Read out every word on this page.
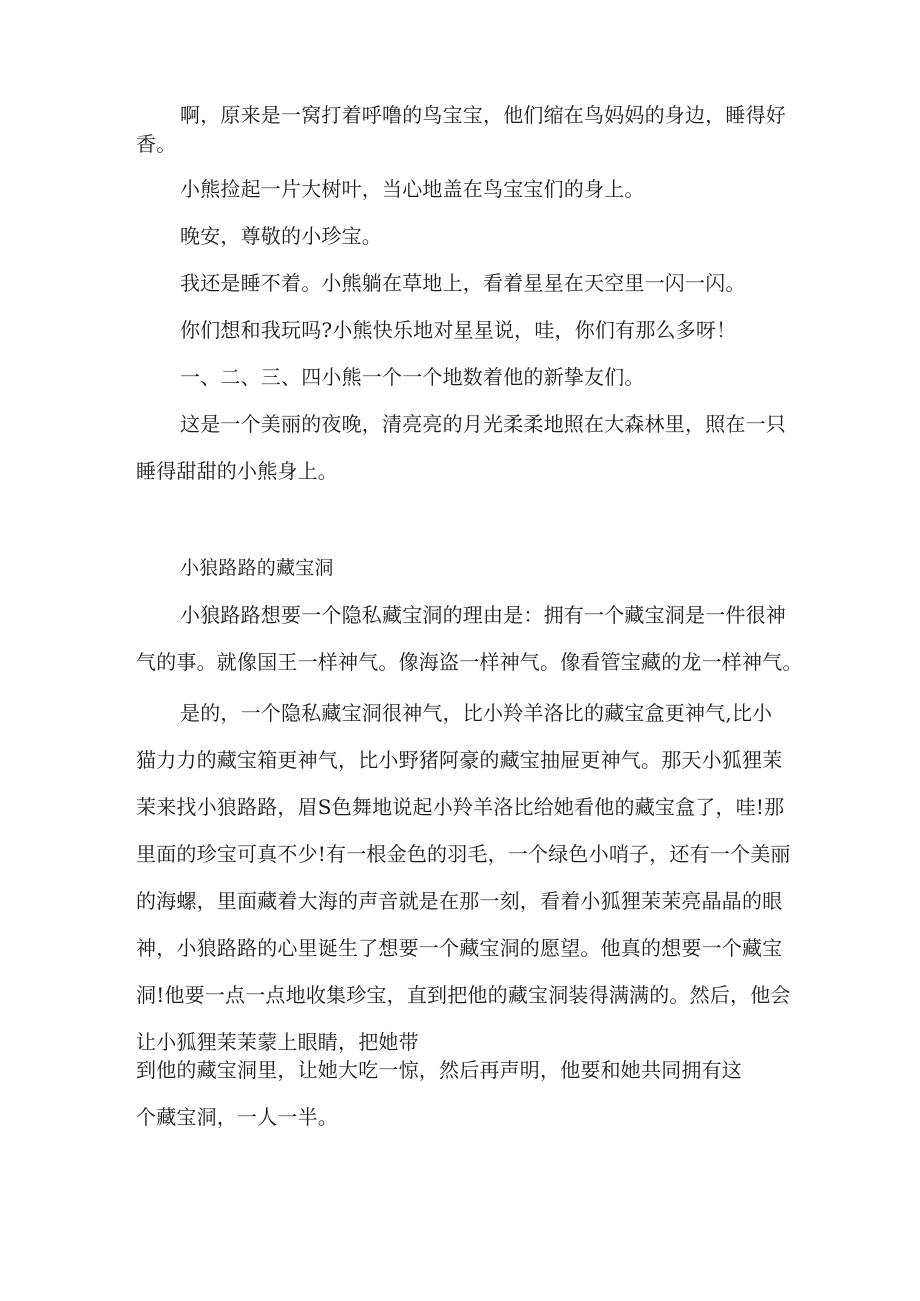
啊，原来是一窝打着呼噜的鸟宝宝，他们缩在鸟妈妈的身边，睡得好
香。
小熊捡起一片大树叶，当心地盖在鸟宝宝们的身上。
晚安，尊敬的小珍宝。
我还是睡不着。小熊躺在草地上，看着星星在天空里一闪一闪。
你们想和我玩吗?小熊快乐地对星星说，哇，你们有那么多呀！
一、二、三、四小熊一个一个地数着他的新挚友们。
这是一个美丽的夜晚，清亮亮的月光柔柔地照在大森林里，照在一只
睡得甜甜的小熊身上。
小狼路路的藏宝洞
小狼路路想要一个隐私藏宝洞的理由是：拥有一个藏宝洞是一件很神
气的事。就像国王一样神气。像海盗一样神气。像看管宝藏的龙一样神气。
是的，一个隐私藏宝洞很神气，比小羚羊洛比的藏宝盒更神气,比小
猫力力的藏宝箱更神气，比小野猪阿豪的藏宝抽屉更神气。那天小狐狸茉
茉来找小狼路路，眉S色舞地说起小羚羊洛比给她看他的藏宝盒了，哇!那
里面的珍宝可真不少!有一根金色的羽毛，一个绿色小哨子，还有一个美丽
的海螺，里面藏着大海的声音就是在那一刻，看着小狐狸茉茉亮晶晶的眼
神，小狼路路的心里诞生了想要一个藏宝洞的愿望。他真的想要一个藏宝
洞!他要一点一点地收集珍宝，直到把他的藏宝洞装得满满的。然后，他会
让小狐狸茉茉蒙上眼睛，把她带
到他的藏宝洞里，让她大吃一惊，然后再声明，他要和她共同拥有这
个藏宝洞，一人一半。
